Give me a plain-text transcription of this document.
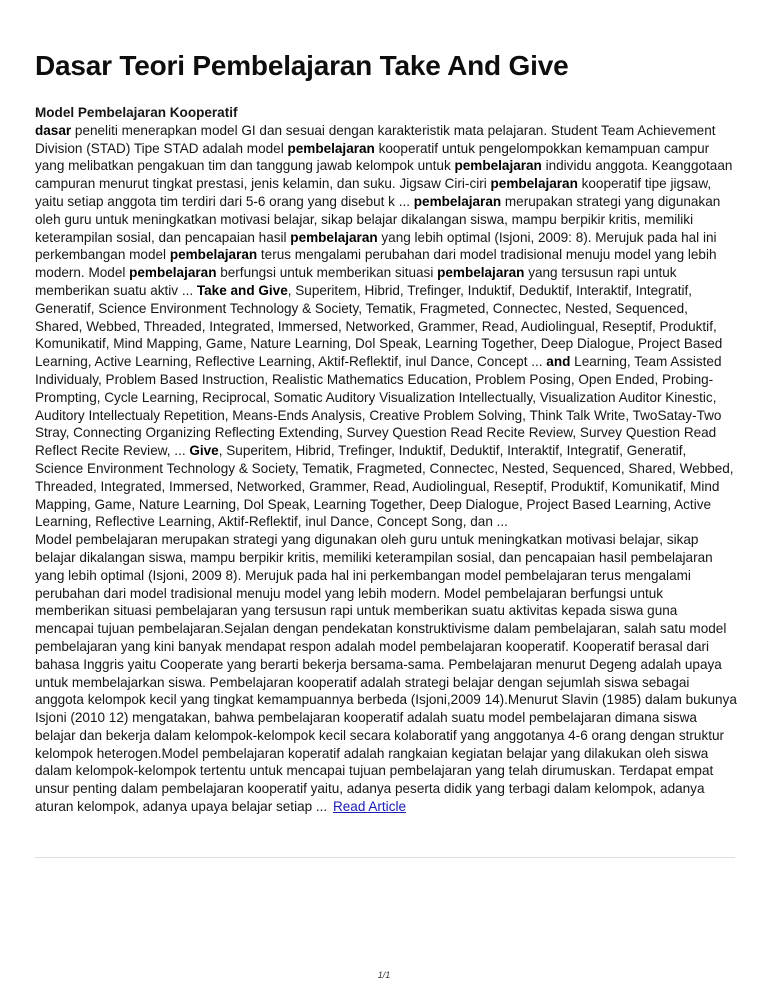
Dasar Teori Pembelajaran Take And Give

Model Pembelajaran Kooperatif

dasar peneliti menerapkan model GI dan sesuai dengan karakteristik mata pelajaran. Student Team Achievement Division (STAD) Tipe STAD adalah model pembelajaran kooperatif untuk pengelompokkan kemampuan campur yang melibatkan pengakuan tim dan tanggung jawab kelompok untuk pembelajaran individu anggota. Keanggotaan campuran menurut tingkat prestasi, jenis kelamin, dan suku. Jigsaw Ciri-ciri pembelajaran kooperatif tipe jigsaw, yaitu setiap anggota tim terdiri dari 5-6 orang yang disebut k ... pembelajaran merupakan strategi yang digunakan oleh guru untuk meningkatkan motivasi belajar, sikap belajar dikalangan siswa, mampu berpikir kritis, memiliki keterampilan sosial, dan pencapaian hasil pembelajaran yang lebih optimal (Isjoni, 2009: 8). Merujuk pada hal ini perkembangan model pembelajaran terus mengalami perubahan dari model tradisional menuju model yang lebih modern. Model pembelajaran berfungsi untuk memberikan situasi pembelajaran yang tersusun rapi untuk memberikan suatu aktiv ... Take and Give, Superitem, Hibrid, Trefinger, Induktif, Deduktif, Interaktif, Integratif, Generatif, Science Environment Technology & Society, Tematik, Fragmeted, Connectec, Nested, Sequenced, Shared, Webbed, Threaded, Integrated, Immersed, Networked, Grammer, Read, Audiolingual, Reseptif, Produktif, Komunikatif, Mind Mapping, Game, Nature Learning, Dol Speak, Learning Together, Deep Dialogue, Project Based Learning, Active Learning, Reflective Learning, Aktif-Reflektif, inul Dance, Concept ... and Learning, Team Assisted Individualy, Problem Based Instruction, Realistic Mathematics Education, Problem Posing, Open Ended, Probing-Prompting, Cycle Learning, Reciprocal, Somatic Auditory Visualization Intellectually, Visualization Auditor Kinestic, Auditory Intellectualy Repetition, Means-Ends Analysis, Creative Problem Solving, Think Talk Write, TwoSatay-Two Stray, Connecting Organizing Reflecting Extending, Survey Question Read Recite Review, Survey Question Read Reflect Recite Review, ... Give, Superitem, Hibrid, Trefinger, Induktif, Deduktif, Interaktif, Integratif, Generatif, Science Environment Technology & Society, Tematik, Fragmeted, Connectec, Nested, Sequenced, Shared, Webbed, Threaded, Integrated, Immersed, Networked, Grammer, Read, Audiolingual, Reseptif, Produktif, Komunikatif, Mind Mapping, Game, Nature Learning, Dol Speak, Learning Together, Deep Dialogue, Project Based Learning, Active Learning, Reflective Learning, Aktif-Reflektif, inul Dance, Concept Song, dan ...

Model pembelajaran merupakan strategi yang digunakan oleh guru untuk meningkatkan motivasi belajar, sikap belajar dikalangan siswa, mampu berpikir kritis, memiliki keterampilan sosial, dan pencapaian hasil pembelajaran yang lebih optimal (Isjoni, 2009 8). Merujuk pada hal ini perkembangan model pembelajaran terus mengalami perubahan dari model tradisional menuju model yang lebih modern. Model pembelajaran berfungsi untuk memberikan situasi pembelajaran yang tersusun rapi untuk memberikan suatu aktivitas kepada siswa guna mencapai tujuan pembelajaran.Sejalan dengan pendekatan konstruktivisme dalam pembelajaran, salah satu model pembelajaran yang kini banyak mendapat respon adalah model pembelajaran kooperatif. Kooperatif berasal dari bahasa Inggris yaitu Cooperate yang berarti bekerja bersama-sama. Pembelajaran menurut Degeng adalah upaya untuk membelajarkan siswa. Pembelajaran kooperatif adalah strategi belajar dengan sejumlah siswa sebagai anggota kelompok kecil yang tingkat kemampuannya berbeda (Isjoni,2009 14).Menurut Slavin (1985) dalam bukunya Isjoni (2010 12) mengatakan, bahwa pembelajaran kooperatif adalah suatu model pembelajaran dimana siswa belajar dan bekerja dalam kelompok-kelompok kecil secara kolaboratif yang anggotanya 4-6 orang dengan struktur kelompok heterogen.Model pembelajaran koperatif adalah rangkaian kegiatan belajar yang dilakukan oleh siswa dalam kelompok-kelompok tertentu untuk mencapai tujuan pembelajaran yang telah dirumuskan. Terdapat empat unsur penting dalam pembelajaran kooperatif yaitu, adanya peserta didik yang terbagi dalam kelompok, adanya aturan kelompok, adanya upaya belajar setiap ... Read Article

1/1
